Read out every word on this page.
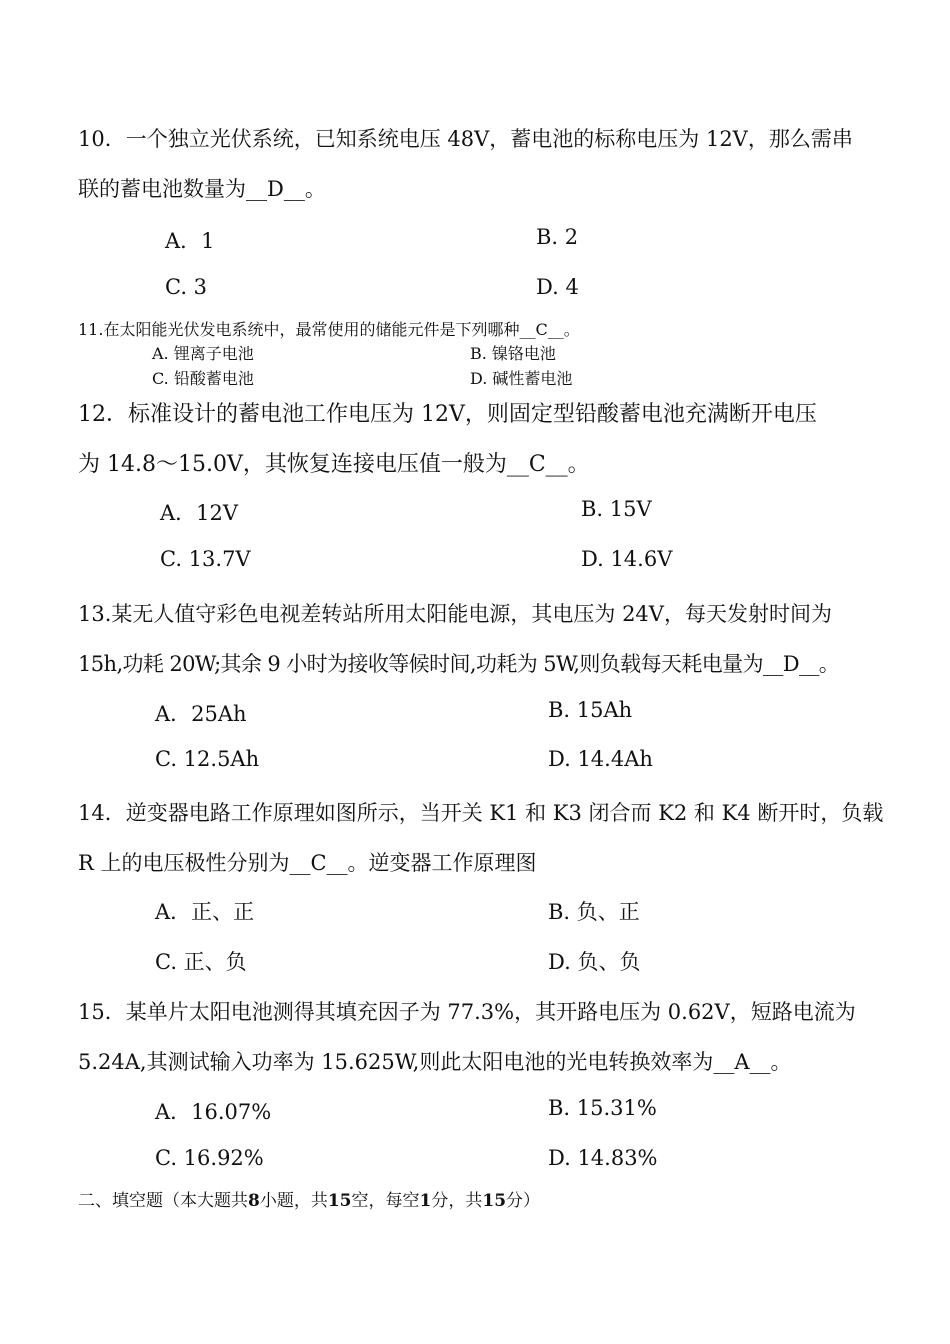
10．一个独立光伏系统，已知系统电压 48V，蓄电池的标称电压为 12V，那么需串
联的蓄电池数量为__D__。
A．1	B. 2
C. 3	D. 4
11.在太阳能光伏发电系统中，最常使用的储能元件是下列哪种__C__。
A. 锂离子电池	B. 镍铬电池
C. 铅酸蓄电池	D. 碱性蓄电池
12．标准设计的蓄电池工作电压为 12V，则固定型铅酸蓄电池充满断开电压
为 14.8～15.0V，其恢复连接电压值一般为__C__。
A．12V	B. 15V
C. 13.7V	D. 14.6V
13.某无人值守彩色电视差转站所用太阳能电源，其电压为 24V，每天发射时间为
15h,功耗 20W;其余 9 小时为接收等候时间,功耗为 5W,则负载每天耗电量为__D__。
A．25Ah	B. 15Ah
C. 12.5Ah	D. 14.4Ah
14．逆变器电路工作原理如图所示，当开关 K1 和 K3 闭合而 K2 和 K4 断开时，负载
R 上的电压极性分别为__C__。逆变器工作原理图
A．正、正	B. 负、正
C. 正、负	D. 负、负
15．某单片太阳电池测得其填充因子为 77.3%，其开路电压为 0.62V，短路电流为
5.24A,其测试输入功率为 15.625W,则此太阳电池的光电转换效率为__A__。
A．16.07%	B. 15.31%
C. 16.92%	D. 14.83%
二、填空题（本大题共8小题，共15空，每空1分，共15分）
